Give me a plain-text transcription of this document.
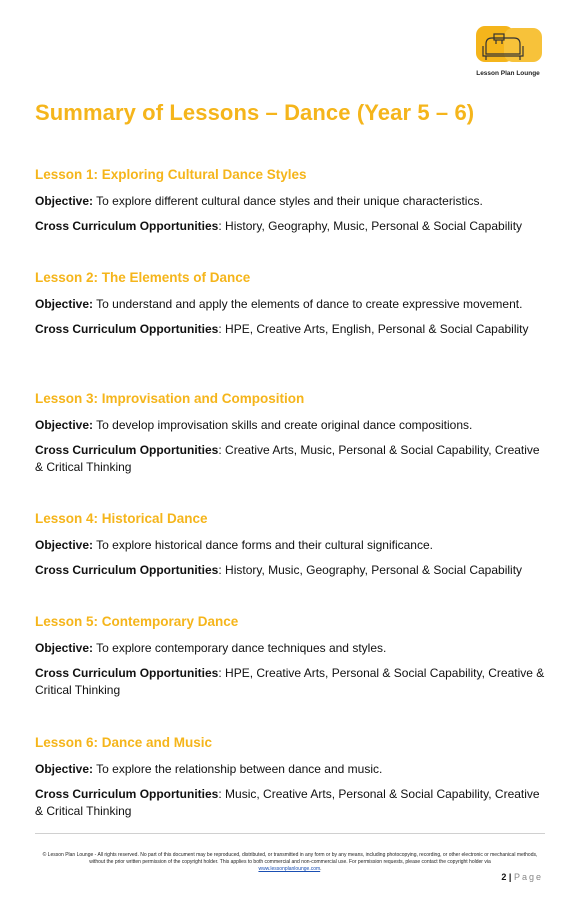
Lesson Plan Lounge
Summary of Lessons – Dance (Year 5 – 6)
Lesson 1: Exploring Cultural Dance Styles

Objective: To explore different cultural dance styles and their unique characteristics.

Cross Curriculum Opportunities: History, Geography, Music, Personal & Social Capability

Lesson 2: The Elements of Dance

Objective: To understand and apply the elements of dance to create expressive movement.

Cross Curriculum Opportunities: HPE, Creative Arts, English, Personal & Social Capability

Lesson 3: Improvisation and Composition

Objective: To develop improvisation skills and create original dance compositions.

Cross Curriculum Opportunities: Creative Arts, Music, Personal & Social Capability, Creative & Critical Thinking

Lesson 4: Historical Dance

Objective: To explore historical dance forms and their cultural significance.

Cross Curriculum Opportunities: History, Music, Geography, Personal & Social Capability

Lesson 5: Contemporary Dance

Objective: To explore contemporary dance techniques and styles.

Cross Curriculum Opportunities: HPE, Creative Arts, Personal & Social Capability, Creative & Critical Thinking

Lesson 6: Dance and Music

Objective: To explore the relationship between dance and music.

Cross Curriculum Opportunities: Music, Creative Arts, Personal & Social Capability, Creative & Critical Thinking

© Lesson Plan Lounge - All rights reserved. No part of this document may be reproduced, distributed, or transmitted in any form or by any means, including photocopying, recording, or other electronic or mechanical methods, without the prior written permission of the copyright holder. This applies to both commercial and non-commercial use. For permission requests, please contact the copyright holder via
www.lessonplanlounge.com.
2 | Page
